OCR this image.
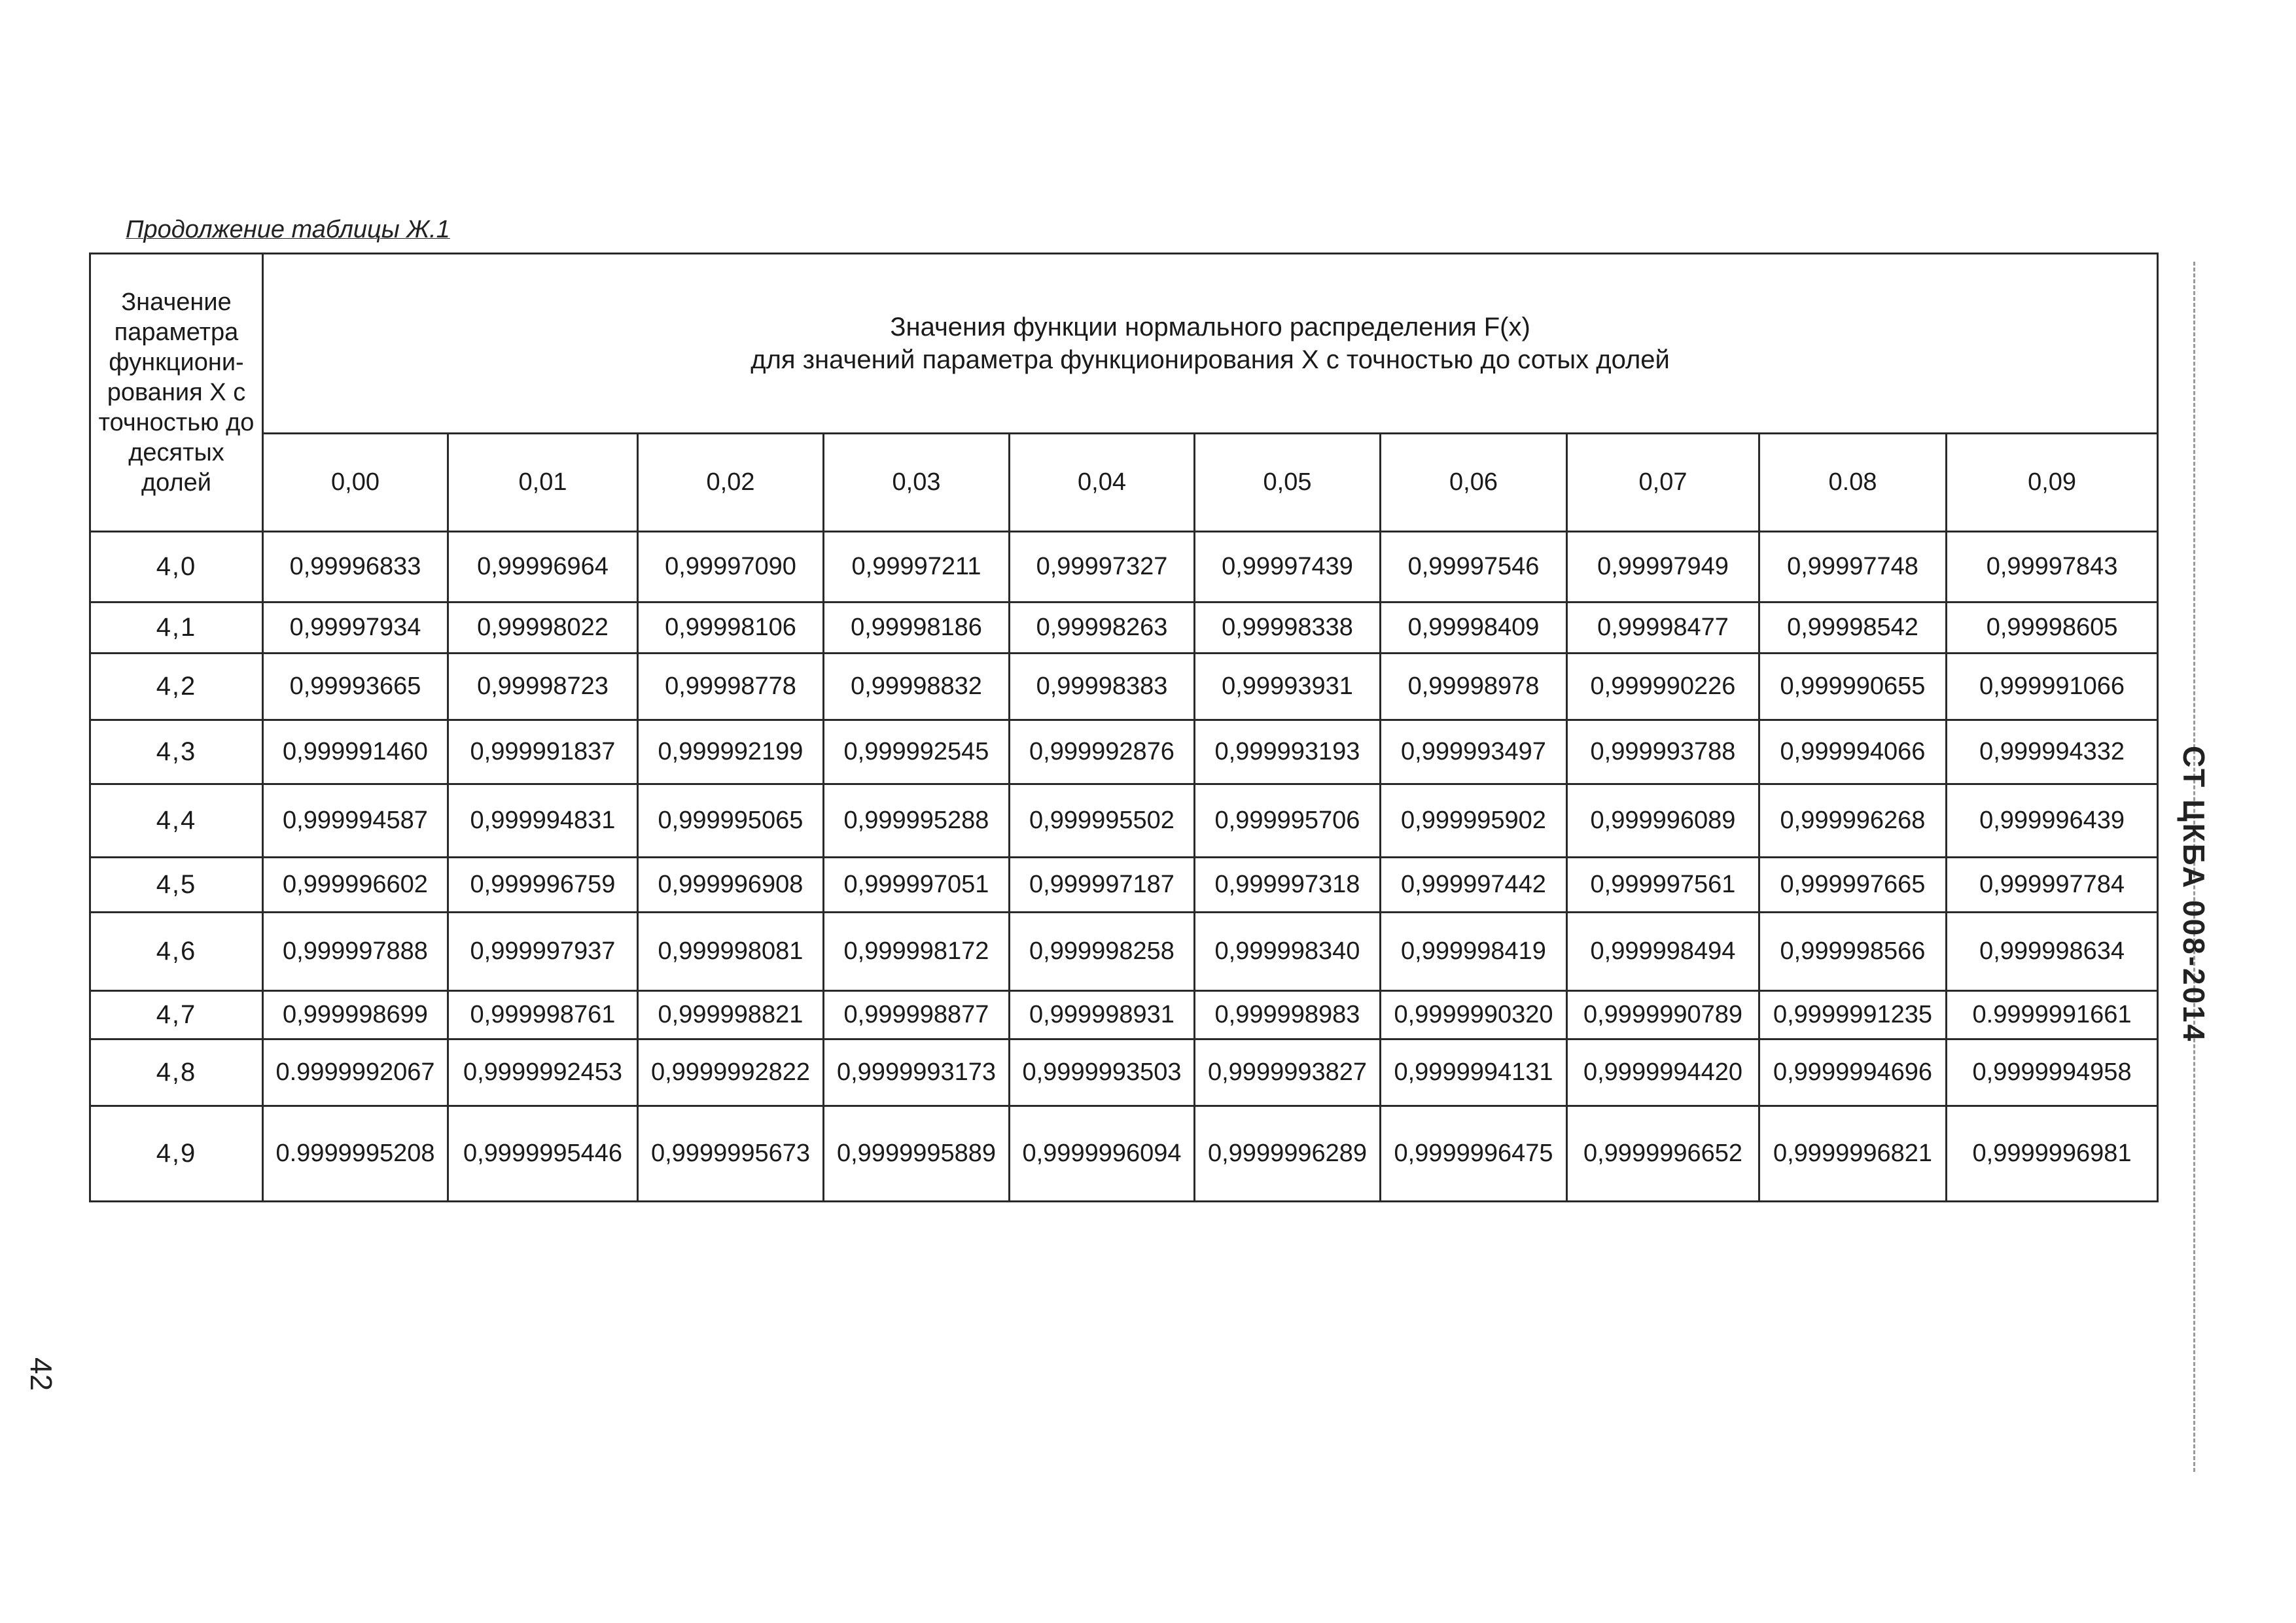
Продолжение таблицы Ж.1
Значение параметра функциони-рования X с точностью до десятых долей	Значения функции нормального распределения F(x)
для значений параметра функционирования X с точностью до сотых долей									

	0,00	0,01	0,02	0,03	0,04	0,05	0,06	0,07	0.08	0,09
4,0	0,99996833	0,99996964	0,99997090	0,99997211	0,99997327	0,99997439	0,99997546	0,99997949	0,99997748	0,99997843
4,1	0,99997934	0,99998022	0,99998106	0,99998186	0,99998263	0,99998338	0,99998409	0,99998477	0,99998542	0,99998605
4,2	0,99993665	0,99998723	0,99998778	0,99998832	0,99998383	0,99993931	0,99998978	0,999990226	0,999990655	0,999991066
4,3	0,999991460	0,999991837	0,999992199	0,999992545	0,999992876	0,999993193	0,999993497	0,999993788	0,999994066	0,999994332
4,4	0,999994587	0,999994831	0,999995065	0,999995288	0,999995502	0,999995706	0,999995902	0,999996089	0,999996268	0,999996439
4,5	0,999996602	0,999996759	0,999996908	0,999997051	0,999997187	0,999997318	0,999997442	0,999997561	0,999997665	0,999997784
4,6	0,999997888	0,999997937	0,999998081	0,999998172	0,999998258	0,999998340	0,999998419	0,999998494	0,999998566	0,999998634
4,7	0,999998699	0,999998761	0,999998821	0,999998877	0,999998931	0,999998983	0,9999990320	0,9999990789	0,9999991235	0.9999991661
4,8	0.9999992067	0,9999992453	0,9999992822	0,9999993173	0,9999993503	0,9999993827	0,9999994131	0,9999994420	0,9999994696	0,9999994958
4,9	0.9999995208	0,9999995446	0,9999995673	0,9999995889	0,9999996094	0,9999996289	0,9999996475	0,9999996652	0,9999996821	0,9999996981
СТ ЦКБА 008-2014
42
